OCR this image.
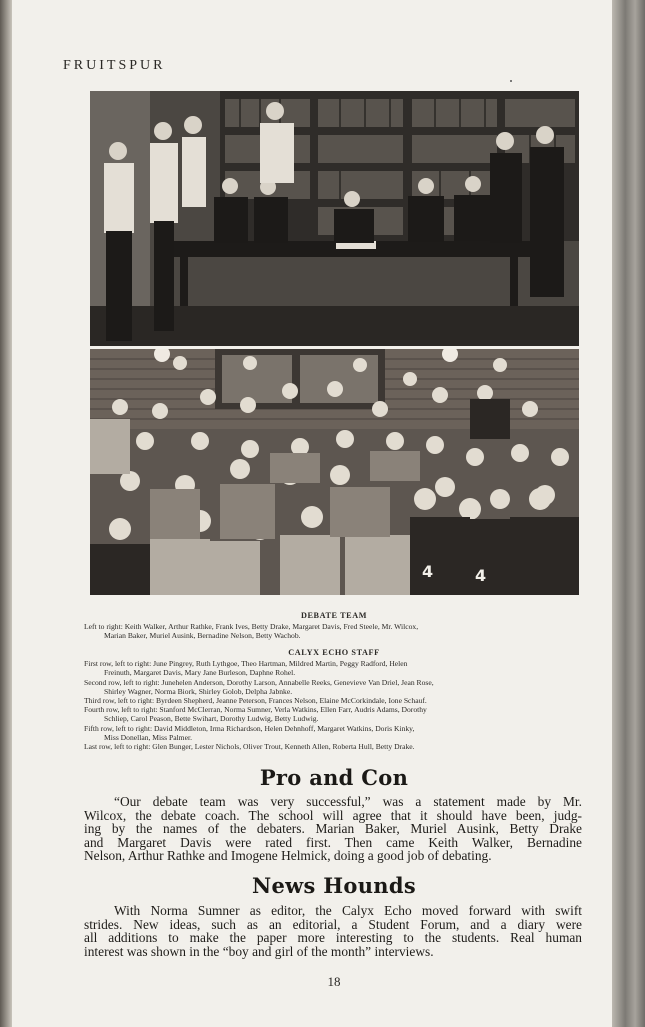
FRUITSPUR
4	4
DEBATE TEAM
Left to right: Keith Walker, Arthur Rathke, Frank Ives, Betty Drake, Margaret Davis, Fred Steele, Mr. Wilcox,
Marian Baker, Muriel Ausink, Bernadine Nelson, Betty Wachob.
CALYX ECHO STAFF
First row, left to right: June Pingrey, Ruth Lythgoe, Theo Hartman, Mildred Martin, Peggy Radford, Helen
Freinuth, Margaret Davis, Mary Jane Burleson, Daphne Rohel.
Second row, left to right: Junehelen Anderson, Dorothy Larson, Annabelle Reeks, Genevieve Van Driel, Jean Rose,
Shirley Wagner, Norma Biork, Shirley Golob, Delpha Jabnke.
Third row, left to right: Byrdeen Shepherd, Jeanne Peterson, Frances Nelson, Elaine McCorkindale, Ione Schauf.
Fourth row, left to right: Stanford McClerran, Norma Sumner, Verla Watkins, Ellen Farr, Audris Adams, Dorothy
Schliep, Carol Peason, Bette Swihart, Dorothy Ludwig, Betty Ludwig.
Fifth row, left to right: David Middleton, Irma Richardson, Helen Dehnhoff, Margaret Watkins, Doris Kinky,
Miss Donellan, Miss Palmer.
Last row, left to right: Glen Bunger, Lester Nichols, Oliver Trout, Kenneth Allen, Roberta Hull, Betty Drake.
Pro and Con
“Our debate team was very successful,” was a statement made by Mr.
Wilcox, the debate coach. The school will agree that it should have been, judg-
ing by the names of the debaters. Marian Baker, Muriel Ausink, Betty Drake
and Margaret Davis were rated first. Then came Keith Walker, Bernadine
Nelson, Arthur Rathke and Imogene Helmick, doing a good job of debating.
News Hounds
With Norma Sumner as editor, the Calyx Echo moved forward with swift
strides. New ideas, such as an editorial, a Student Forum, and a diary were
all additions to make the paper more interesting to the students. Real human
interest was shown in the “boy and girl of the month” interviews.
18
